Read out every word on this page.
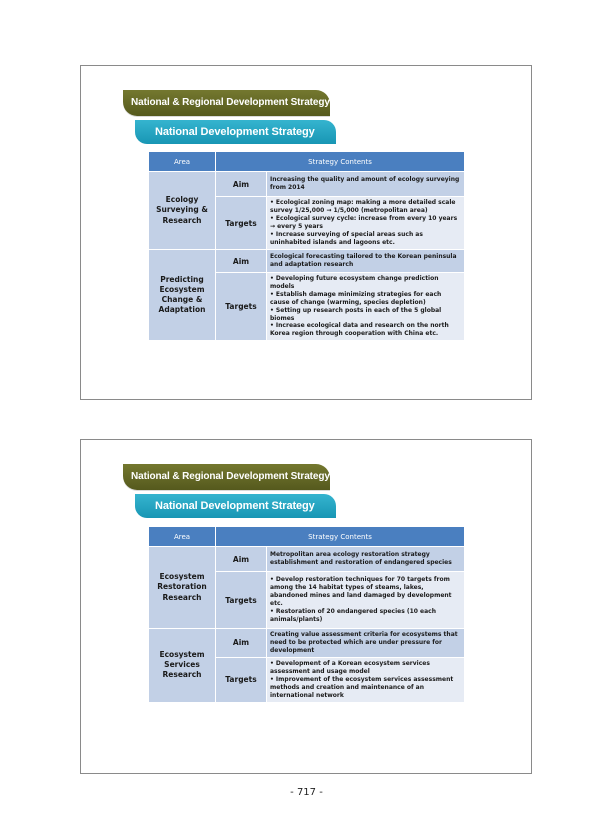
National & Regional Development Strategy
National Development Strategy
Area	Strategy Contents	
Ecology
Surveying &
Research	Aim	Increasing the quality and amount of ecology surveying from 2014
	Targets	• Ecological zoning map: making a more detailed scale survey 1/25,000 → 1/5,000 (metropolitan area)
• Ecological survey cycle: increase from every 10 years → every 5 years
• Increase surveying of special areas such as uninhabited islands and lagoons etc.
Predicting
Ecosystem
Change &
Adaptation	Aim	Ecological forecasting tailored to the Korean peninsula and adaptation research
	Targets	• Developing future ecosystem change prediction models
• Establish damage minimizing strategies for each cause of change (warming, species depletion)
• Setting up research posts in each of the 5 global biomes
• Increase ecological data and research on the north Korea region through cooperation with China etc.
National & Regional Development Strategy
National Development Strategy
Area	Strategy Contents	
Ecosystem
Restoration
Research	Aim	Metropolitan area ecology restoration strategy establishment and restoration of endangered species
	Targets	• Develop restoration techniques for 70 targets from among the 14 habitat types of steams, lakes, abandoned mines and land damaged by development etc.
• Restoration of 20 endangered species (10 each animals/plants)
Ecosystem
Services
Research	Aim	Creating value assessment criteria for ecosystems that need to be protected which are under pressure for development
	Targets	• Development of a Korean ecosystem services assessment and usage model
• Improvement of the ecosystem services assessment methods and creation and maintenance of an international network
- 717 -
